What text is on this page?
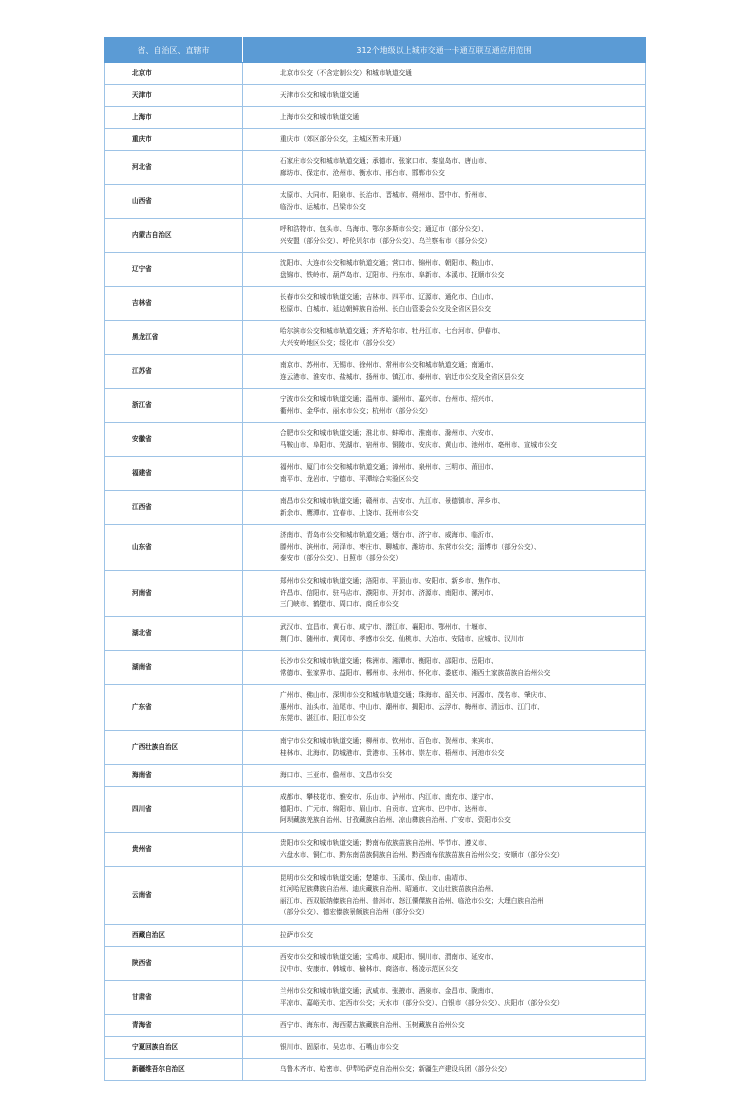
省、自治区、直辖市	312个地级以上城市交通一卡通互联互通应用范围
北京市	北京市公交（不含定制公交）和城市轨道交通
天津市	天津市公交和城市轨道交通
上海市	上海市公交和城市轨道交通
重庆市	重庆市（郊区部分公交，主城区暂未开通）
河北省	石家庄市公交和城市轨道交通；承德市、张家口市、秦皇岛市、唐山市、
廊坊市、保定市、沧州市、衡水市、邢台市、邯郸市公交
山西省	太原市、大同市、阳泉市、长治市、晋城市、朔州市、晋中市、忻州市、
临汾市、运城市、吕梁市公交
内蒙古自治区	呼和浩特市、包头市、乌海市、鄂尔多斯市公交；通辽市（部分公交）、
兴安盟（部分公交）、呼伦贝尔市（部分公交）、乌兰察布市（部分公交）
辽宁省	沈阳市、大连市公交和城市轨道交通；营口市、锦州市、朝阳市、鞍山市、
盘锦市、铁岭市、葫芦岛市、辽阳市、丹东市、阜新市、本溪市、抚顺市公交
吉林省	长春市公交和城市轨道交通；吉林市、四平市、辽源市、通化市、白山市、
松原市、白城市、延边朝鲜族自治州、长白山管委会公交及全省区县公交
黑龙江省	哈尔滨市公交和城市轨道交通；齐齐哈尔市、牡丹江市、七台河市、伊春市、
大兴安岭地区公交；绥化市（部分公交）
江苏省	南京市、苏州市、无锡市、徐州市、常州市公交和城市轨道交通；南通市、
连云港市、淮安市、盐城市、扬州市、镇江市、泰州市、宿迁市公交及全省区县公交
浙江省	宁波市公交和城市轨道交通；温州市、湖州市、嘉兴市、台州市、绍兴市、
衢州市、金华市、丽水市公交；杭州市（部分公交）
安徽省	合肥市公交和城市轨道交通；淮北市、蚌埠市、淮南市、滁州市、六安市、
马鞍山市、阜阳市、芜湖市、宿州市、铜陵市、安庆市、黄山市、池州市、亳州市、宣城市公交
福建省	福州市、厦门市公交和城市轨道交通；漳州市、泉州市、三明市、莆田市、
南平市、龙岩市、宁德市、平潭综合实验区公交
江西省	南昌市公交和城市轨道交通；赣州市、吉安市、九江市、景德镇市、萍乡市、
新余市、鹰潭市、宜春市、上饶市、抚州市公交
山东省	济南市、青岛市公交和城市轨道交通；烟台市、济宁市、威海市、临沂市、
滕州市、滨州市、菏泽市、枣庄市、聊城市、潍坊市、东营市公交；淄博市（部分公交）、
泰安市（部分公交）、日照市（部分公交）
河南省	郑州市公交和城市轨道交通；洛阳市、平顶山市、安阳市、新乡市、焦作市、
许昌市、信阳市、驻马店市、濮阳市、开封市、济源市、南阳市、漯河市、
三门峡市、鹤壁市、周口市、商丘市公交
湖北省	武汉市、宜昌市、黄石市、咸宁市、潜江市、襄阳市、鄂州市、十堰市、
荆门市、随州市、黄冈市、孝感市公交、仙桃市、大冶市、安陆市、应城市、汉川市
湖南省	长沙市公交和城市轨道交通；株洲市、湘潭市、衡阳市、邵阳市、岳阳市、
常德市、张家界市、益阳市、郴州市、永州市、怀化市、娄底市、湘西土家族苗族自治州公交
广东省	广州市、佛山市、深圳市公交和城市轨道交通；珠海市、韶关市、河源市、茂名市、肇庆市、
惠州市、汕头市、汕尾市、中山市、潮州市、揭阳市、云浮市、梅州市、清远市、江门市、
东莞市、湛江市、阳江市公交
广西壮族自治区	南宁市公交和城市轨道交通；柳州市、钦州市、百色市、贺州市、来宾市、
桂林市、北海市、防城港市、贵港市、玉林市、崇左市、梧州市、河池市公交
海南省	海口市、三亚市、儋州市、文昌市公交
四川省	成都市、攀枝花市、雅安市、乐山市、泸州市、内江市、南充市、遂宁市、
德阳市、广元市、绵阳市、眉山市、自贡市、宜宾市、巴中市、达州市、
阿坝藏族羌族自治州、甘孜藏族自治州、凉山彝族自治州、广安市、资阳市公交
贵州省	贵阳市公交和城市轨道交通；黔南布依族苗族自治州、毕节市、遵义市、
六盘水市、铜仁市、黔东南苗族侗族自治州、黔西南布依族苗族自治州公交；安顺市（部分公交）
云南省	昆明市公交和城市轨道交通；楚雄市、玉溪市、保山市、曲靖市、
红河哈尼族彝族自治州、迪庆藏族自治州、昭通市、文山壮族苗族自治州、
丽江市、西双版纳傣族自治州、普洱市、怒江傈僳族自治州、临沧市公交；大理白族自治州
（部分公交）、德宏傣族景颇族自治州（部分公交）
西藏自治区	拉萨市公交
陕西省	西安市公交和城市轨道交通；宝鸡市、咸阳市、铜川市、渭南市、延安市、
汉中市、安康市、韩城市、榆林市、商洛市、杨凌示范区公交
甘肃省	兰州市公交和城市轨道交通；武威市、张掖市、酒泉市、金昌市、陇南市、
平凉市、嘉峪关市、定西市公交；天水市（部分公交）、白银市（部分公交）、庆阳市（部分公交）
青海省	西宁市、海东市、海西蒙古族藏族自治州、玉树藏族自治州公交
宁夏回族自治区	银川市、固原市、吴忠市、石嘴山市公交
新疆维吾尔自治区	乌鲁木齐市、哈密市、伊犁哈萨克自治州公交；新疆生产建设兵团（部分公交）
